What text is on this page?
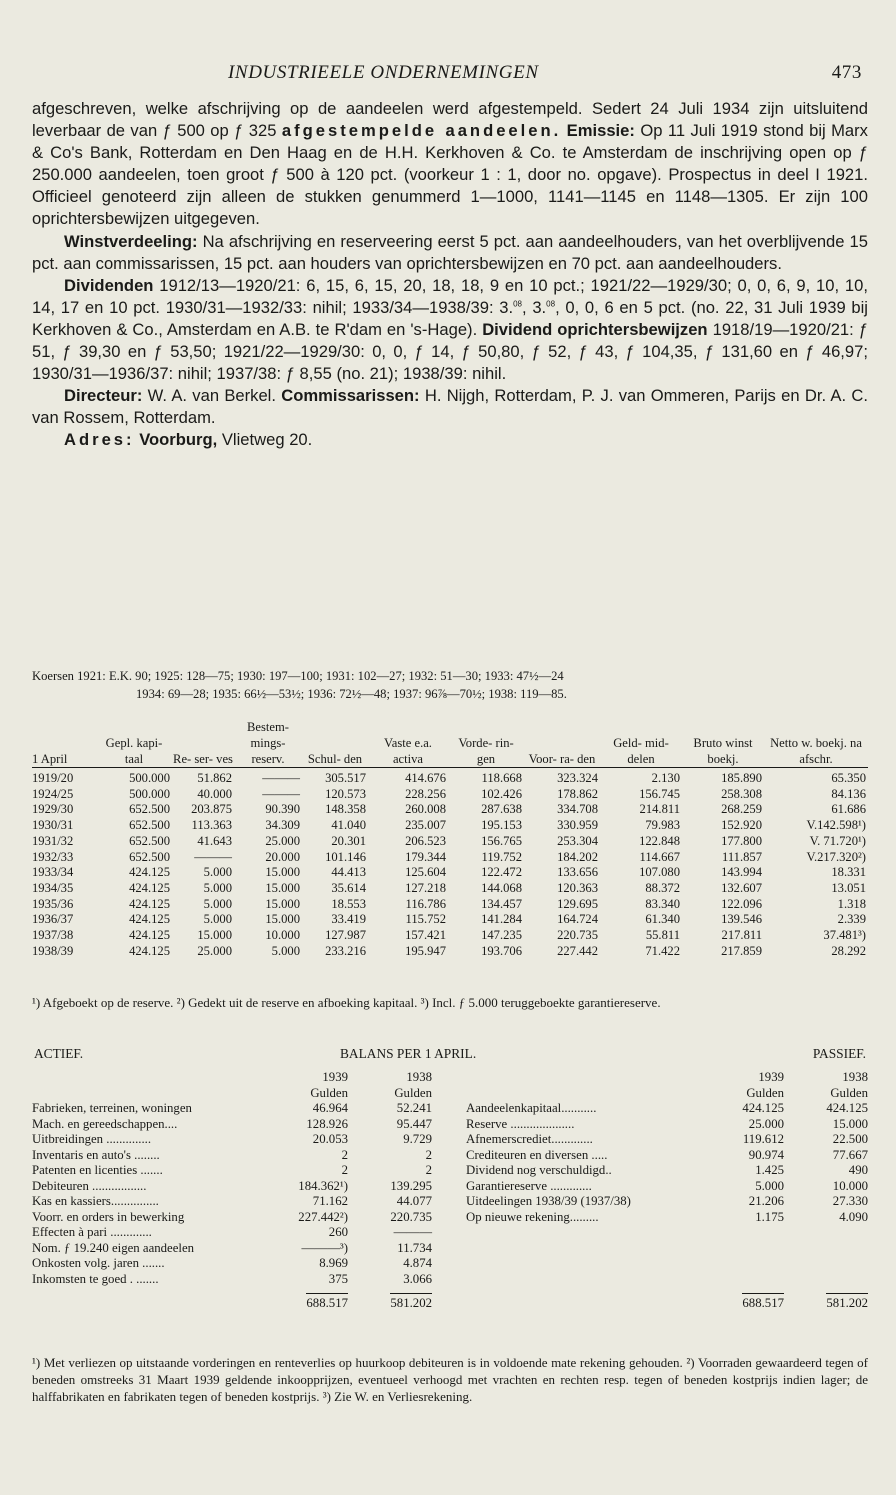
INDUSTRIEELE ONDERNEMINGEN	473

afgeschreven, welke afschrijving op de aandeelen werd afgestempeld. Sedert 24 Juli 1934 zijn uitsluitend leverbaar de van ƒ 500 op ƒ 325 afgestempelde aandeelen. Emissie: Op 11 Juli 1919 stond bij Marx & Co's Bank, Rotterdam en Den Haag en de H.H. Kerkhoven & Co. te Amsterdam de inschrijving open op ƒ 250.000 aandeelen, toen groot ƒ 500 à 120 pct. (voorkeur 1 : 1, door no. opgave). Prospectus in deel I 1921. Officieel genoteerd zijn alleen de stukken genummerd 1—1000, 1141—1145 en 1148—1305. Er zijn 100 oprichtersbewijzen uitgegeven.

Winstverdeeling: Na afschrijving en reserveering eerst 5 pct. aan aandeelhouders, van het overblijvende 15 pct. aan commissarissen, 15 pct. aan houders van oprichtersbewijzen en 70 pct. aan aandeelhouders.

Dividenden 1912/13—1920/21: 6, 15, 6, 15, 20, 18, 18, 9 en 10 pct.; 1921/22—1929/30; 0, 0, 6, 9, 10, 10, 14, 17 en 10 pct. 1930/31—1932/33: nihil; 1933/34—1938/39: 3.08, 3.08, 0, 0, 6 en 5 pct. (no. 22, 31 Juli 1939 bij Kerkhoven & Co., Amsterdam en A.B. te R'dam en 's-Hage). Dividend oprichtersbewijzen 1918/19—1920/21: ƒ 51, ƒ 39,30 en ƒ 53,50; 1921/22—1929/30: 0, 0, ƒ 14, ƒ 50,80, ƒ 52, ƒ 43, ƒ 104,35, ƒ 131,60 en ƒ 46,97; 1930/31—1936/37: nihil; 1937/38: ƒ 8,55 (no. 21); 1938/39: nihil.

Directeur: W. A. van Berkel. Commissarissen: H. Nijgh, Rotterdam, P. J. van Ommeren, Parijs en Dr. A. C. van Rossem, Rotterdam.

Adres: Voorburg, Vlietweg 20.

Koersen 1921: E.K. 90; 1925: 128—75; 1930: 197—100; 1931: 102—27; 1932: 51—30; 1933: 47½—24
1934: 69—28; 1935: 66½—53½; 1936: 72½—48; 1937: 96⅞—70½; 1938: 119—85.
1 April	Gepl. kapi- taal	Re- ser- ves	Bestem- mings- reserv.	Schul- den	Vaste e.a. activa	Vorde- rin- gen	Voor- ra- den	Geld- mid- delen	Bruto winst boekj.	Netto w. boekj. na afschr.
1919/20	500.000	51.862	———	305.517	414.676	118.668	323.324	2.130	185.890	65.350
1924/25	500.000	40.000	———	120.573	228.256	102.426	178.862	156.745	258.308	84.136
1929/30	652.500	203.875	90.390	148.358	260.008	287.638	334.708	214.811	268.259	61.686
1930/31	652.500	113.363	34.309	41.040	235.007	195.153	330.959	79.983	152.920	V.142.598¹)
1931/32	652.500	41.643	25.000	20.301	206.523	156.765	253.304	122.848	177.800	V. 71.720¹)
1932/33	652.500	———	20.000	101.146	179.344	119.752	184.202	114.667	111.857	V.217.320²)
1933/34	424.125	5.000	15.000	44.413	125.604	122.472	133.656	107.080	143.994	18.331
1934/35	424.125	5.000	15.000	35.614	127.218	144.068	120.363	88.372	132.607	13.051
1935/36	424.125	5.000	15.000	18.553	116.786	134.457	129.695	83.340	122.096	1.318
1936/37	424.125	5.000	15.000	33.419	115.752	141.284	164.724	61.340	139.546	2.339
1937/38	424.125	15.000	10.000	127.987	157.421	147.235	220.735	55.811	217.811	37.481³)
1938/39	424.125	25.000	5.000	233.216	195.947	193.706	227.442	71.422	217.859	28.292
¹) Afgeboekt op de reserve. ²) Gedekt uit de reserve en afboeking kapitaal. ³) Incl. ƒ 5.000 teruggeboekte garantiereserve.
ACTIEF.	BALANS PER 1 APRIL.	PASSIEF.
	1939	1938
	Gulden	Gulden
Fabrieken, terreinen, woningen	46.964	52.241
Mach. en gereedschappen....	128.926	95.447
Uitbreidingen ..............	20.053	9.729
Inventaris en auto's ........	2	2
Patenten en licenties .......	2	2
Debiteuren .................	184.362¹)	139.295
Kas en kassiers...............	71.162	44.077
Voorr. en orders in bewerking	227.442²)	220.735
Effecten à pari .............	260	———
Nom. ƒ 19.240 eigen aandeelen	———³)	11.734
Onkosten volg. jaren .......	8.969	4.874
Inkomsten te goed . .......	375	3.066
	688.517	581.202
	1939	1938
	Gulden	Gulden
Aandeelenkapitaal...........	424.125	424.125
Reserve ....................	25.000	15.000
Afnemerscrediet.............	119.612	22.500
Crediteuren en diversen .....	90.974	77.667
Dividend nog verschuldigd..	1.425	490
Garantiereserve .............	5.000	10.000
Uitdeelingen 1938/39 (1937/38)	21.206	27.330
Op nieuwe rekening.........	1.175	4.090

	688.517	581.202
¹) Met verliezen op uitstaande vorderingen en renteverlies op huurkoop debiteuren is in voldoende mate rekening gehouden. ²) Voorraden gewaardeerd tegen of beneden omstreeks 31 Maart 1939 geldende inkoopprijzen, eventueel verhoogd met vrachten en rechten resp. tegen of beneden kostprijs indien lager; de halffabrikaten en fabrikaten tegen of beneden kostprijs. ³) Zie W. en Verliesrekening.
